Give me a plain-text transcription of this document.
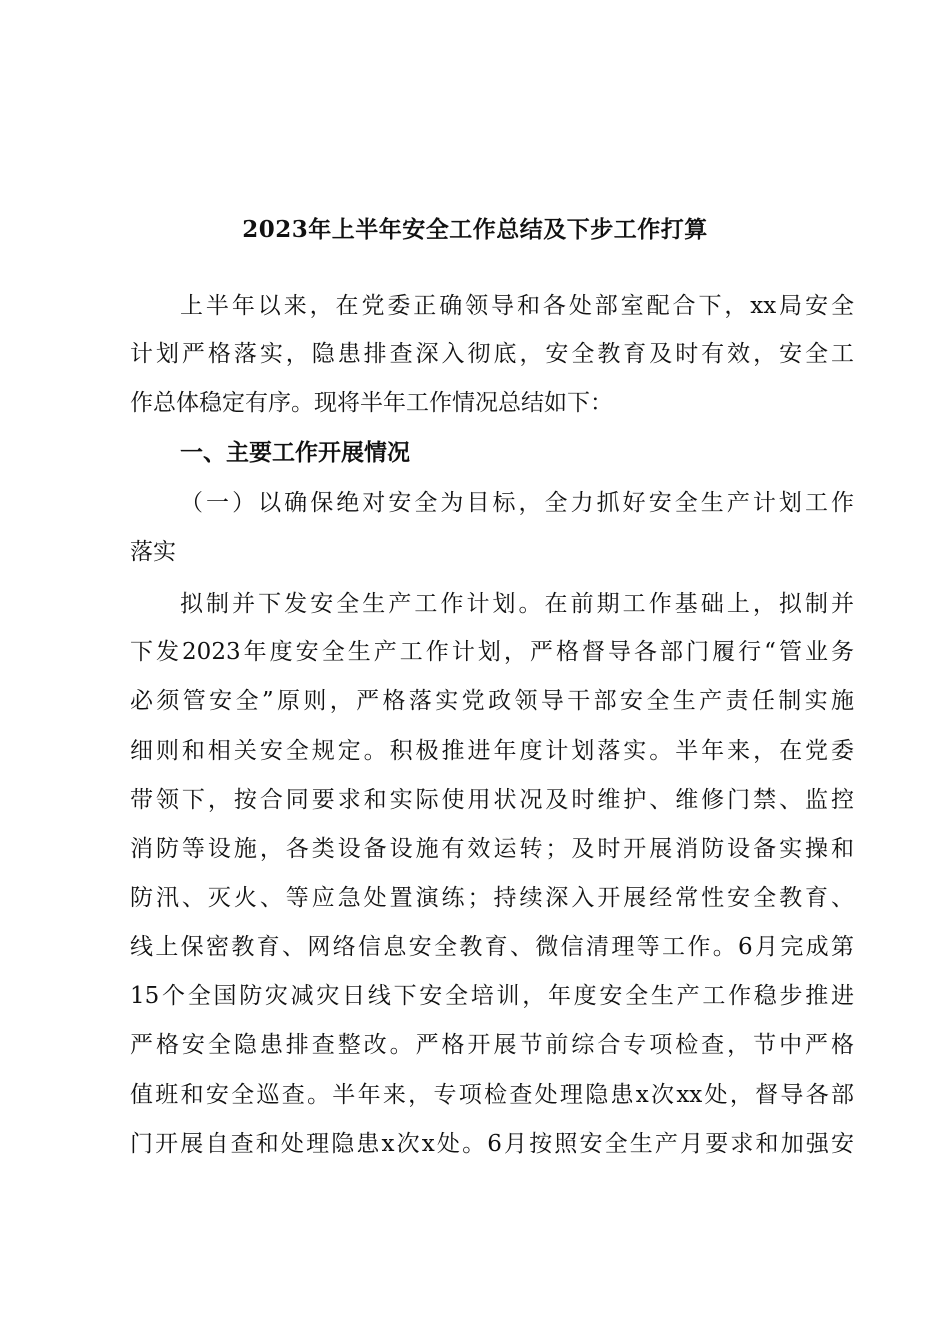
2023年上半年安全工作总结及下步工作打算
上半年以来，在党委正确领导和各处部室配合下，xx局安全
计划严格落实，隐患排查深入彻底，安全教育及时有效，安全工
作总体稳定有序。现将半年工作情况总结如下：
一、主要工作开展情况
（一）以确保绝对安全为目标，全力抓好安全生产计划工作
落实
拟制并下发安全生产工作计划。在前期工作基础上，拟制并
下发2023年度安全生产工作计划，严格督导各部门履行“管业务
必须管安全”原则，严格落实党政领导干部安全生产责任制实施
细则和相关安全规定。积极推进年度计划落实。半年来，在党委
带领下，按合同要求和实际使用状况及时维护、维修门禁、监控
消防等设施，各类设备设施有效运转；及时开展消防设备实操和
防汛、灭火、等应急处置演练；持续深入开展经常性安全教育、
线上保密教育、网络信息安全教育、微信清理等工作。6月完成第
15个全国防灾减灾日线下安全培训，年度安全生产工作稳步推进
严格安全隐患排查整改。严格开展节前综合专项检查，节中严格
值班和安全巡查。半年来，专项检查处理隐患x次xx处，督导各部
门开展自查和处理隐患x次x处。6月按照安全生产月要求和加强安
